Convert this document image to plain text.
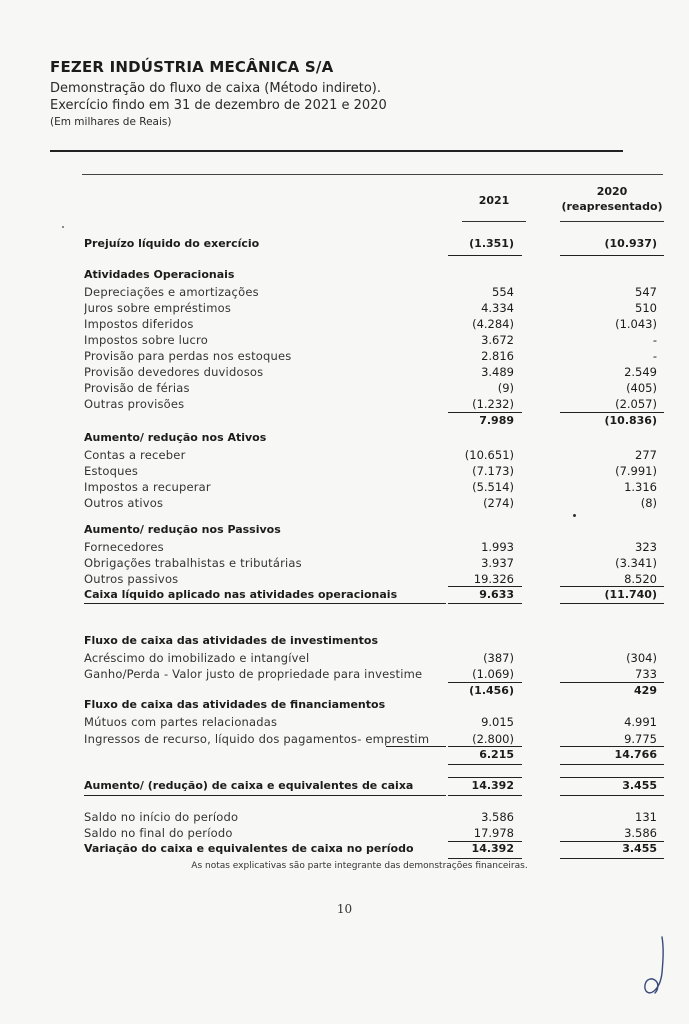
FEZER INDÚSTRIA MECÂNICA S/A
Demonstração do fluxo de caixa (Método indireto).
Exercício findo em 31 de dezembro de 2021 e 2020
(Em milhares de Reais)
2021
2020
(reapresentado)
Prejuízo líquido do exercício	(1.351)	(10.937)
Atividades Operacionais
Depreciações e amortizações	554	547
Juros sobre empréstimos	4.334	510
Impostos diferidos	(4.284)	(1.043)
Impostos sobre lucro	3.672	-
Provisão para perdas nos estoques	2.816	-
Provisão devedores duvidosos	3.489	2.549
Provisão de férias	(9)	(405)
Outras provisões	(1.232)	(2.057)
7.989	(10.836)
Aumento/ redução nos Ativos
Contas a receber	(10.651)	277
Estoques	(7.173)	(7.991)
Impostos a recuperar	(5.514)	1.316
Outros ativos	(274)	(8)
Aumento/ redução nos Passivos
Fornecedores	1.993	323
Obrigações trabalhistas e tributárias	3.937	(3.341)
Outros passivos	19.326	8.520
Caixa líquido aplicado nas atividades operacionais	9.633	(11.740)
Fluxo de caixa das atividades de investimentos
Acréscimo do imobilizado e intangível	(387)	(304)
Ganho/Perda - Valor justo de propriedade para investime	(1.069)	733
(1.456)	429
Fluxo de caixa das atividades de financiamentos
Mútuos com partes relacionadas	9.015	4.991
Ingressos de recurso, líquido dos pagamentos- emprestim	(2.800)	9.775
6.215	14.766
Aumento/ (redução) de caixa e equivalentes de caixa	14.392	3.455
Saldo no início do período	3.586	131
Saldo no final do período	17.978	3.586
Variação do caixa e equivalentes de caixa no período	14.392	3.455
As notas explicativas são parte integrante das demonstrações financeiras.
10
